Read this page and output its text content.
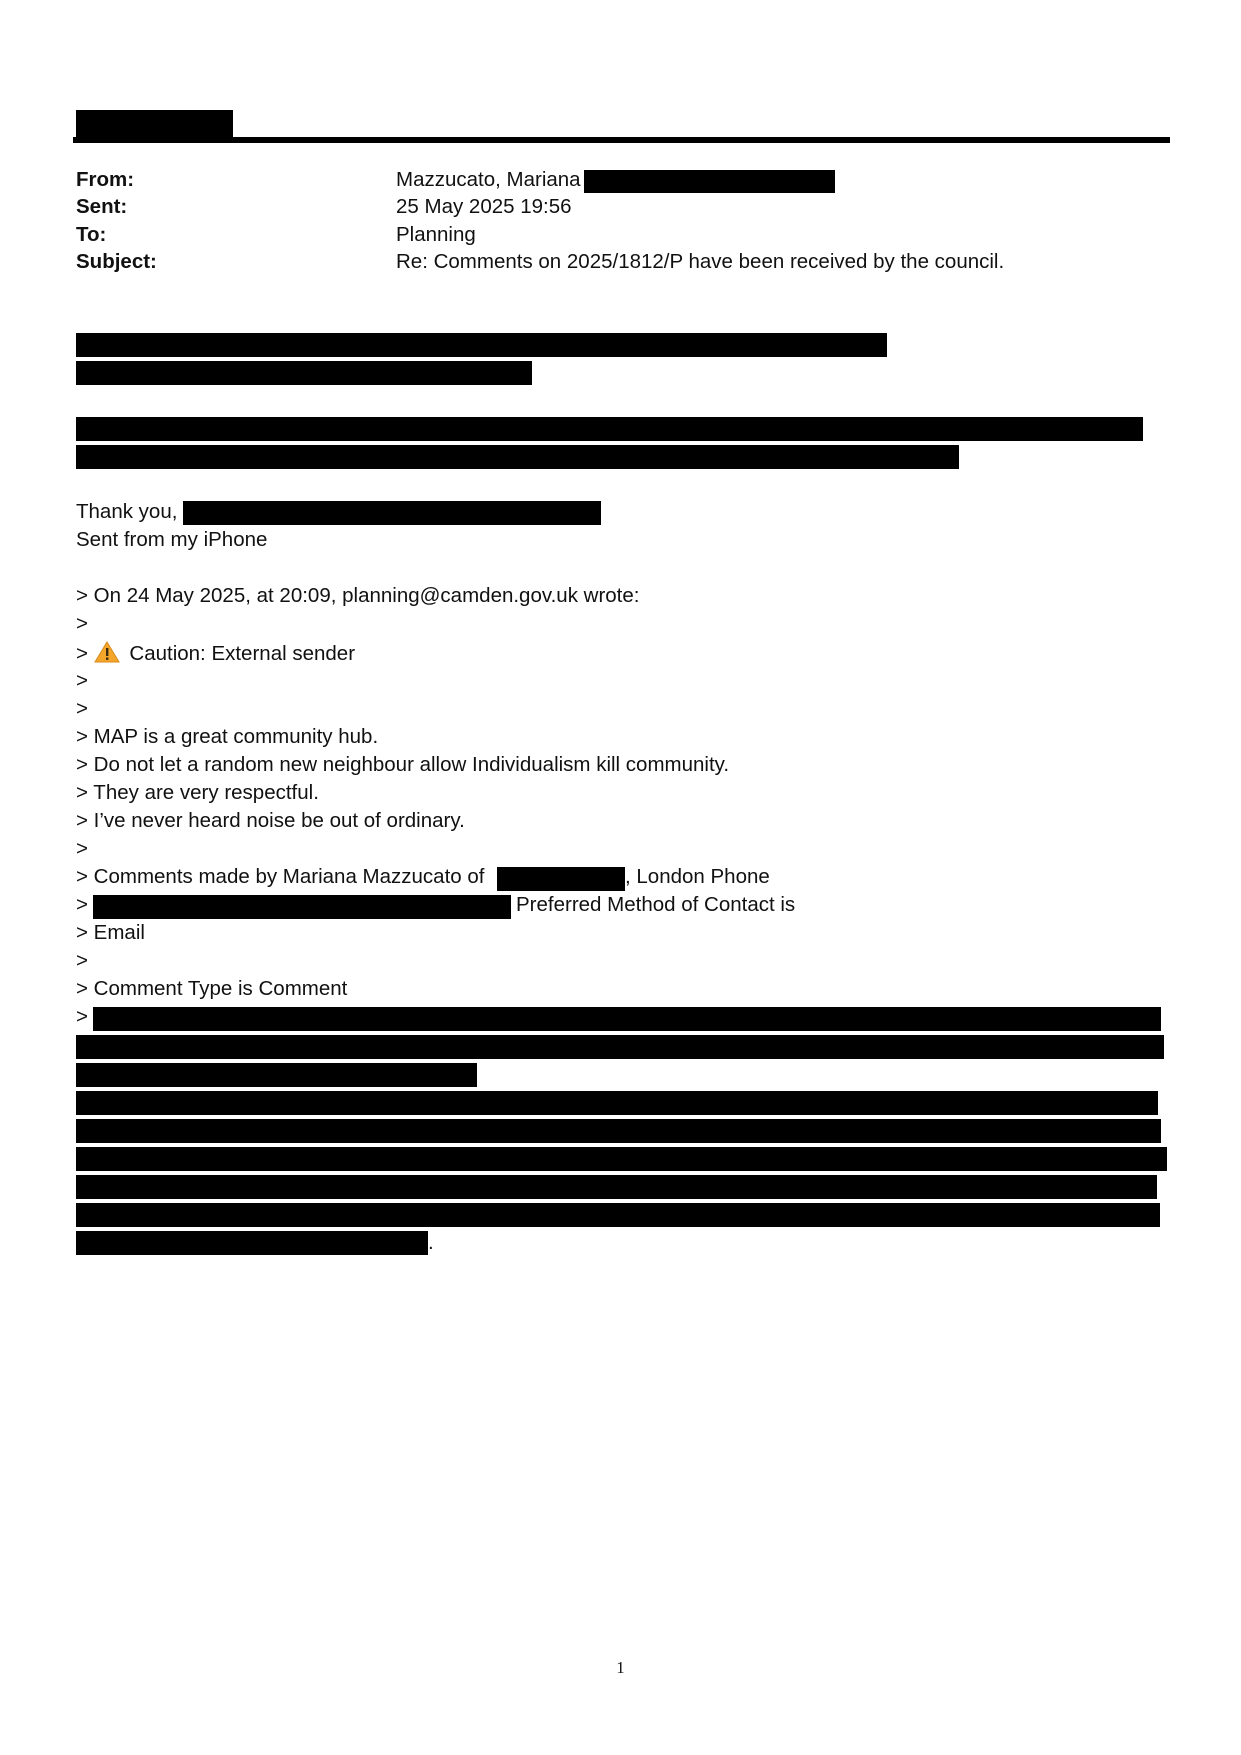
From:	Mazzucato, Mariana
Sent:	25 May 2025 19:56
To:	Planning
Subject:	Re: Comments on 2025/1812/P have been received by the council.
Thank you,
Sent from my iPhone
> On 24 May 2025, at 20:09, planning@camden.gov.uk wrote:
>
> Caution: External sender
>
>
> MAP is a great community hub.
> Do not let a random new neighbour allow Individualism kill community.
> They are very respectful.
> I’ve never heard noise be out of ordinary.
>
> Comments made by Mariana Mazzucato of	, London Phone
>	Preferred Method of Contact is
> Email
>
> Comment Type is Comment
>
.
1
